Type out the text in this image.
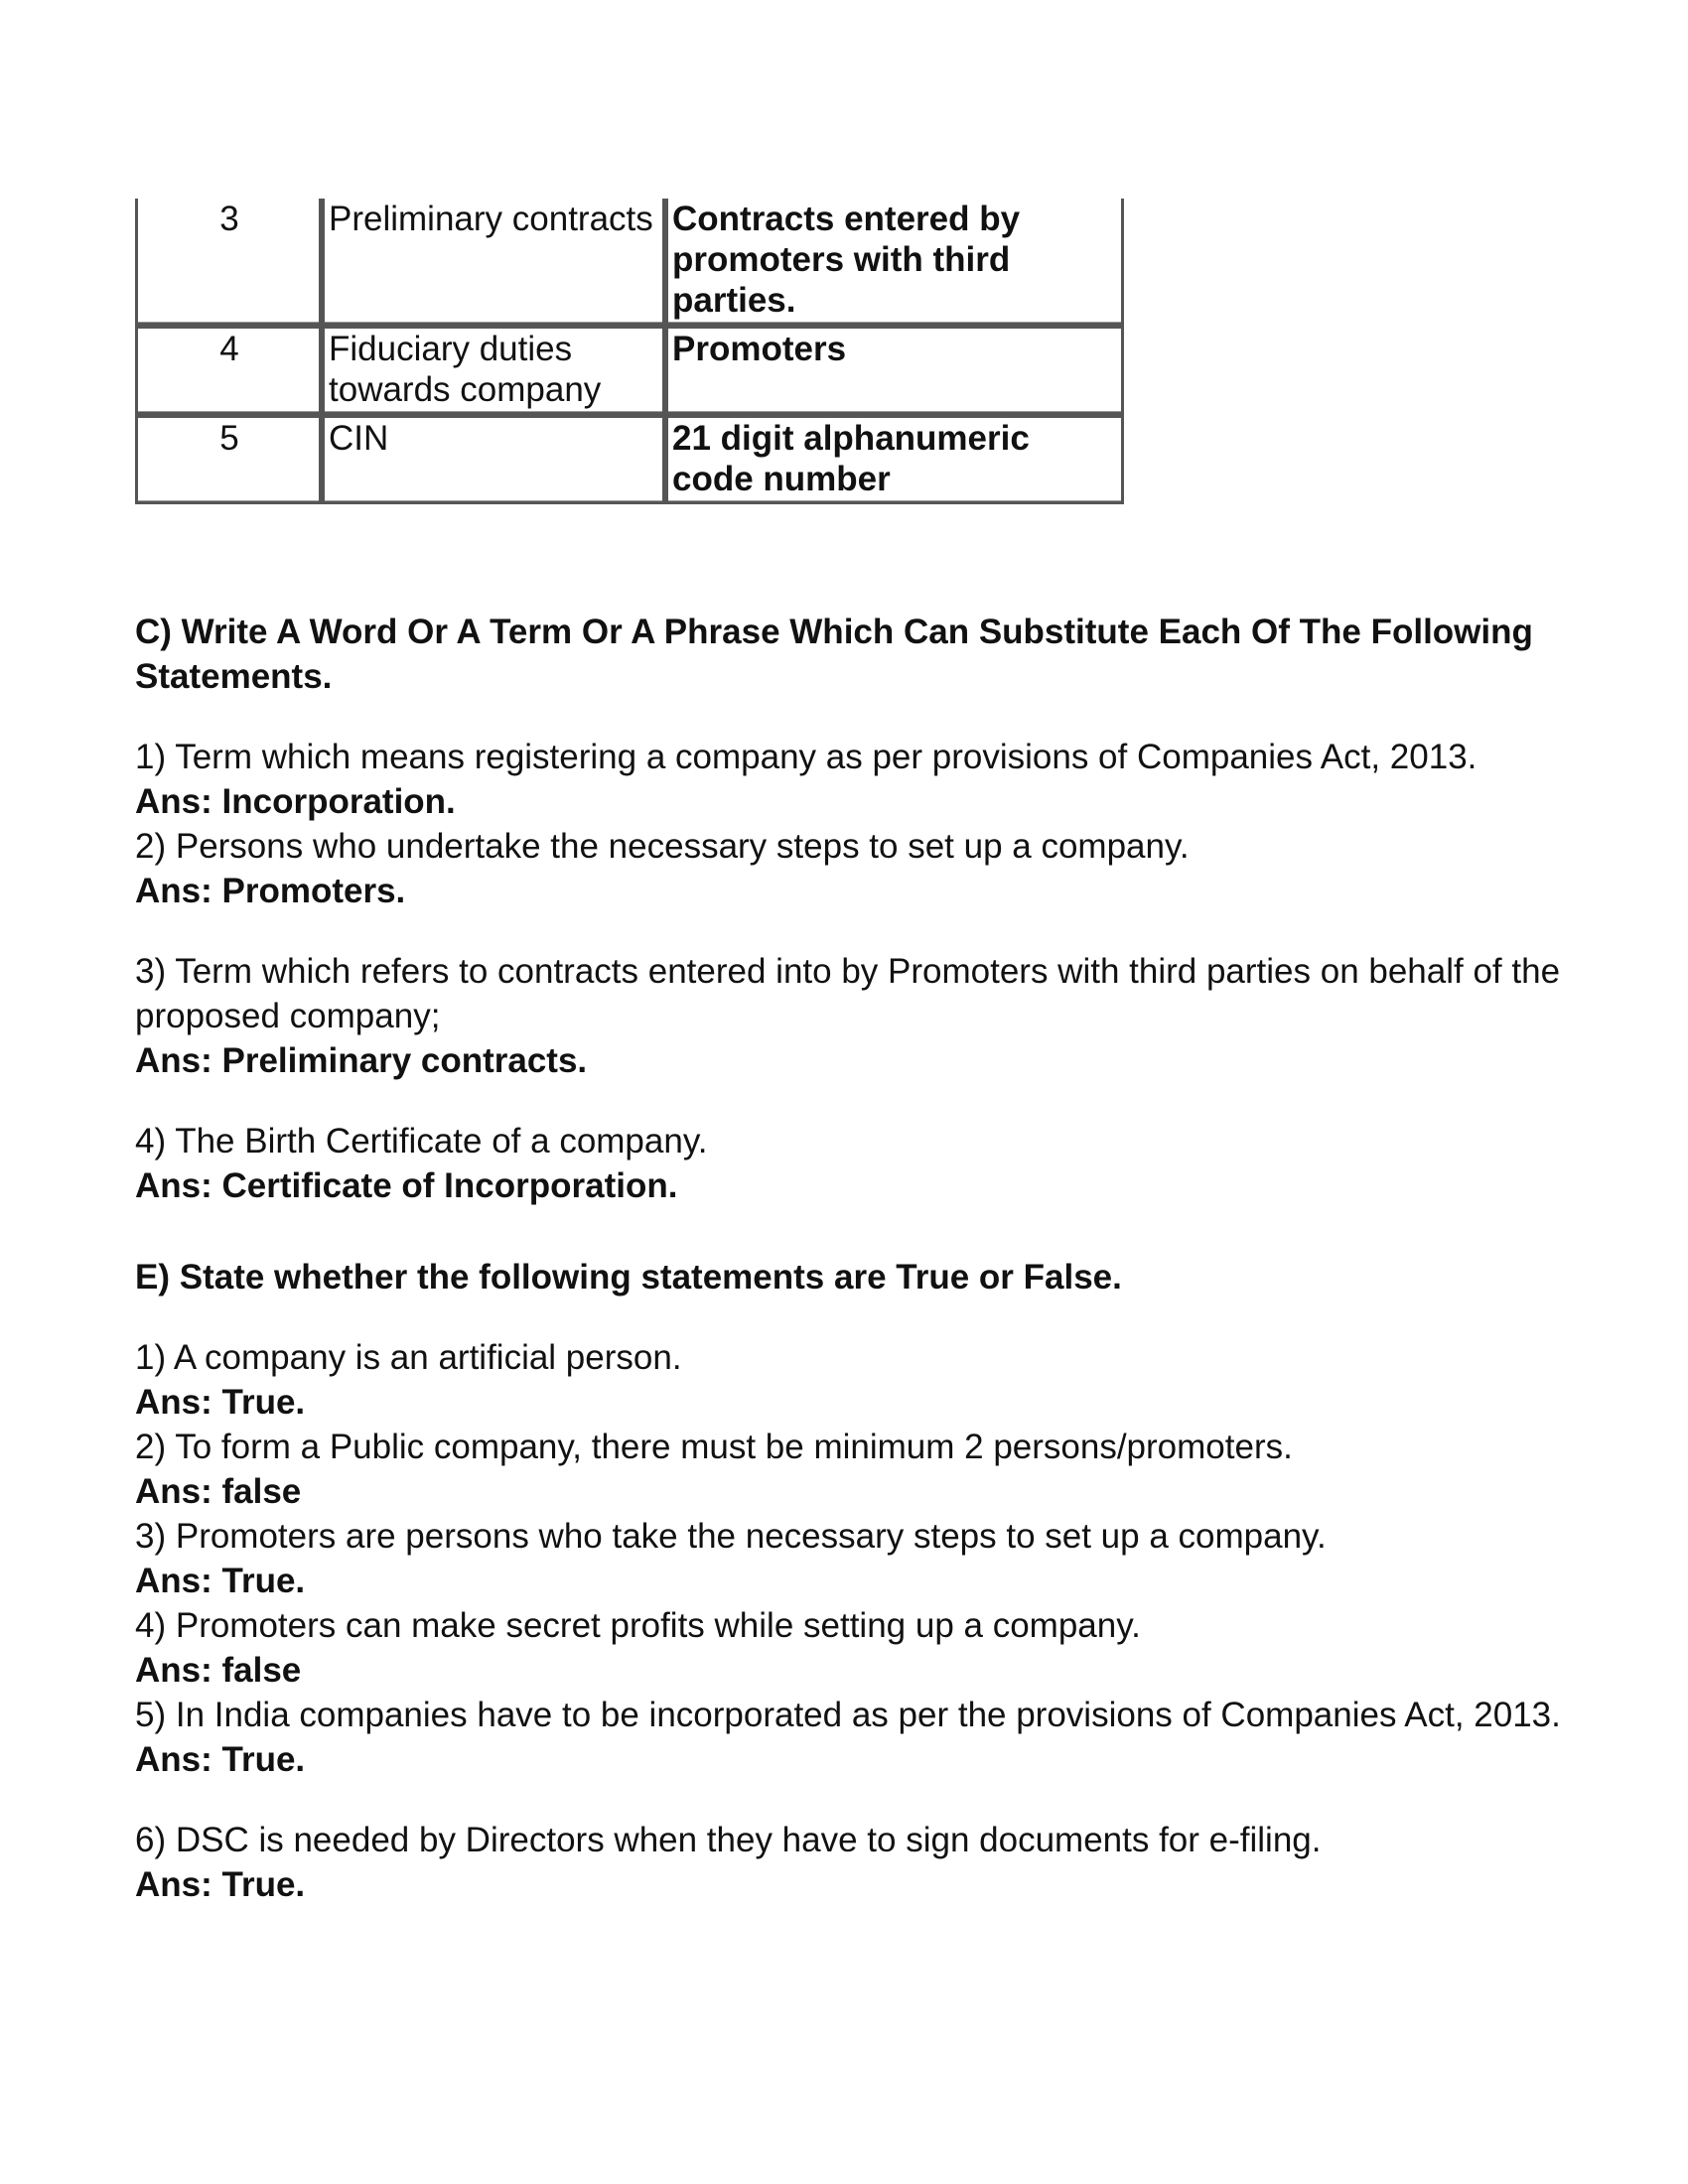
3	Preliminary contracts	Contracts entered by promoters with third parties.
4	Fiduciary duties towards company	Promoters
5	CIN	21 digit alphanumeric code number
C) Write A Word Or A Term Or A Phrase Which Can Substitute Each Of The Following Statements.
1) Term which means registering a company as per provisions of Companies Act, 2013.
Ans: Incorporation.
2) Persons who undertake the necessary steps to set up a company.
Ans: Promoters.
3) Term which refers to contracts entered into by Promoters with third parties on behalf of the proposed company;
Ans: Preliminary contracts.
4) The Birth Certificate of a company.
Ans: Certificate of Incorporation.
E) State whether the following statements are True or False.
1) A company is an artificial person.
Ans: True.
2) To form a Public company, there must be minimum 2 persons/promoters.
Ans: false
3) Promoters are persons who take the necessary steps to set up a company.
Ans: True.
4) Promoters can make secret profits while setting up a company.
Ans: false
5) In India companies have to be incorporated as per the provisions of Companies Act, 2013.
Ans: True.
6) DSC is needed by Directors when they have to sign documents for e-filing.
Ans: True.
